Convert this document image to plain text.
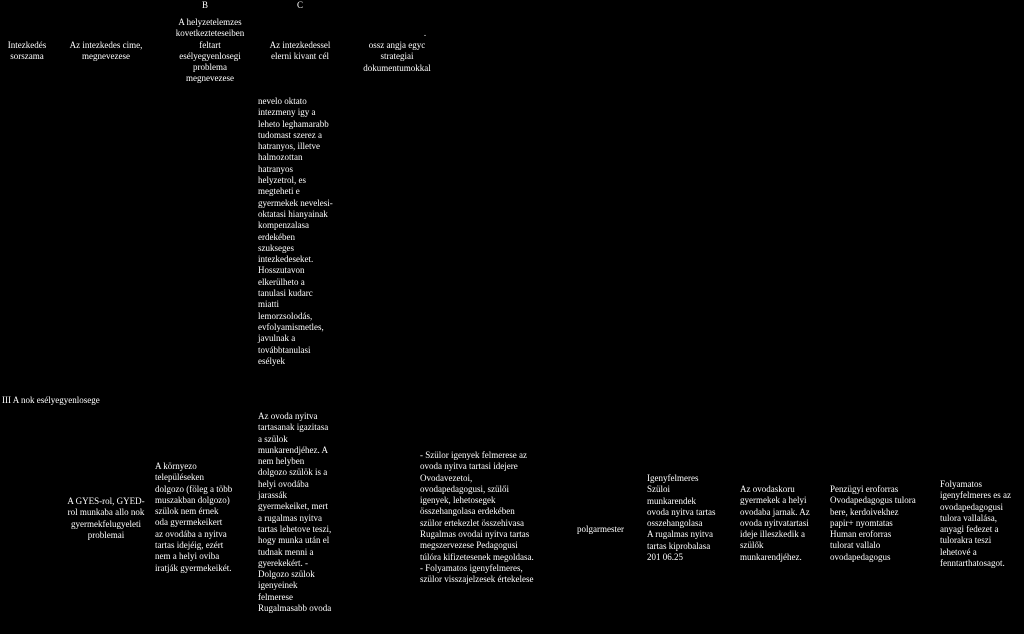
B	C
Intezkedés
sorszama
Az intezkedes cime,
megnevezese
A helyzetelemzes
kovetkezteteseiben
feltart
esélyegyenlosegi
problema
megnevezese
Az intezkedessel
elerni kivant cél
.
ossz angja egyc
strategiai
dokumentumokkal
nevelo oktato
intezmeny igy a
leheto leghamarabb
tudomast szerez a
hatranyos, illetve
halmozottan
hatranyos
helyzetrol, es
megteheti e
gyermekek nevelesi-
oktatasi hianyainak
kompenzalasa
erdekében
szukseges
intezkedeseket.
Hosszutavon
elkerülheto a
tanulasi kudarc
miatti
lemorzsolodás,
evfolyamismetles,
javulnak a
továbbtanulasi
esélyek
III A nok esélyegyenlosege
A GYES-rol, GYED-
rol munkaba allo nok
gyermekfelugyeleti
problemai
A környezo
településeken
dolgozo (föleg a több
muszakban dolgozo)
szülok nem érnek
oda gyermekeikert
az ovodába a nyitva
tartas idejéig, ezért
nem a helyi oviba
iratják gyermekeikét.
Az ovoda nyitva
tartasanak igazitasa
a szülok
munkarendjéhez. A
nem helyben
dolgozo szülök is a
helyi ovodába
jarassák
gyermekeiket, mert
a rugalmas nyitva
tartas lehetove teszi,
hogy munka után el
tudnak menni a
gyerekekért. -
Dolgozo szülok
igenyeinek
felmerese
Rugalmasabb ovoda
- Szülor igenyek felmerese az
ovoda nyitva tartasi idejere
Ovodavezetoi,
ovodapedagogusi, szülői
igenyek, lehetosegek
összehangolasa erdekében
szülor ertekezlet összehivasa
Rugalmas ovodai nyitva tartas
megszervezese Pedagogusi
túlóra kifizetesenek megoldasa.
- Folyamatos igenyfelmeres,
szülor visszajelzesek értekelese
polgarmester
Igenyfelmeres
Szüloi
munkarendek
ovoda nyitva tartas
osszehangolasa
A rugalmas nyitva
tartas kiprobalasa
201 06.25
Az ovodaskoru
gyermekek a helyi
ovodaba jarnak. Az
ovoda nyitvatartasi
ideje illeszkedik a
szülők
munkarendjéhez.
Penzügyi eroforras
Ovodapedagogus tulora
bere, kerdoivekhez
papir+ nyomtatas
Human eroforras
tulorat vallalo
ovodapedagogus
Folyamatos
igenyfelmeres es az
ovodapedagogusi
tulora vallalása,
anyagi fedezet a
tulorakra teszi
lehetové a
fenntarthatosagot.
